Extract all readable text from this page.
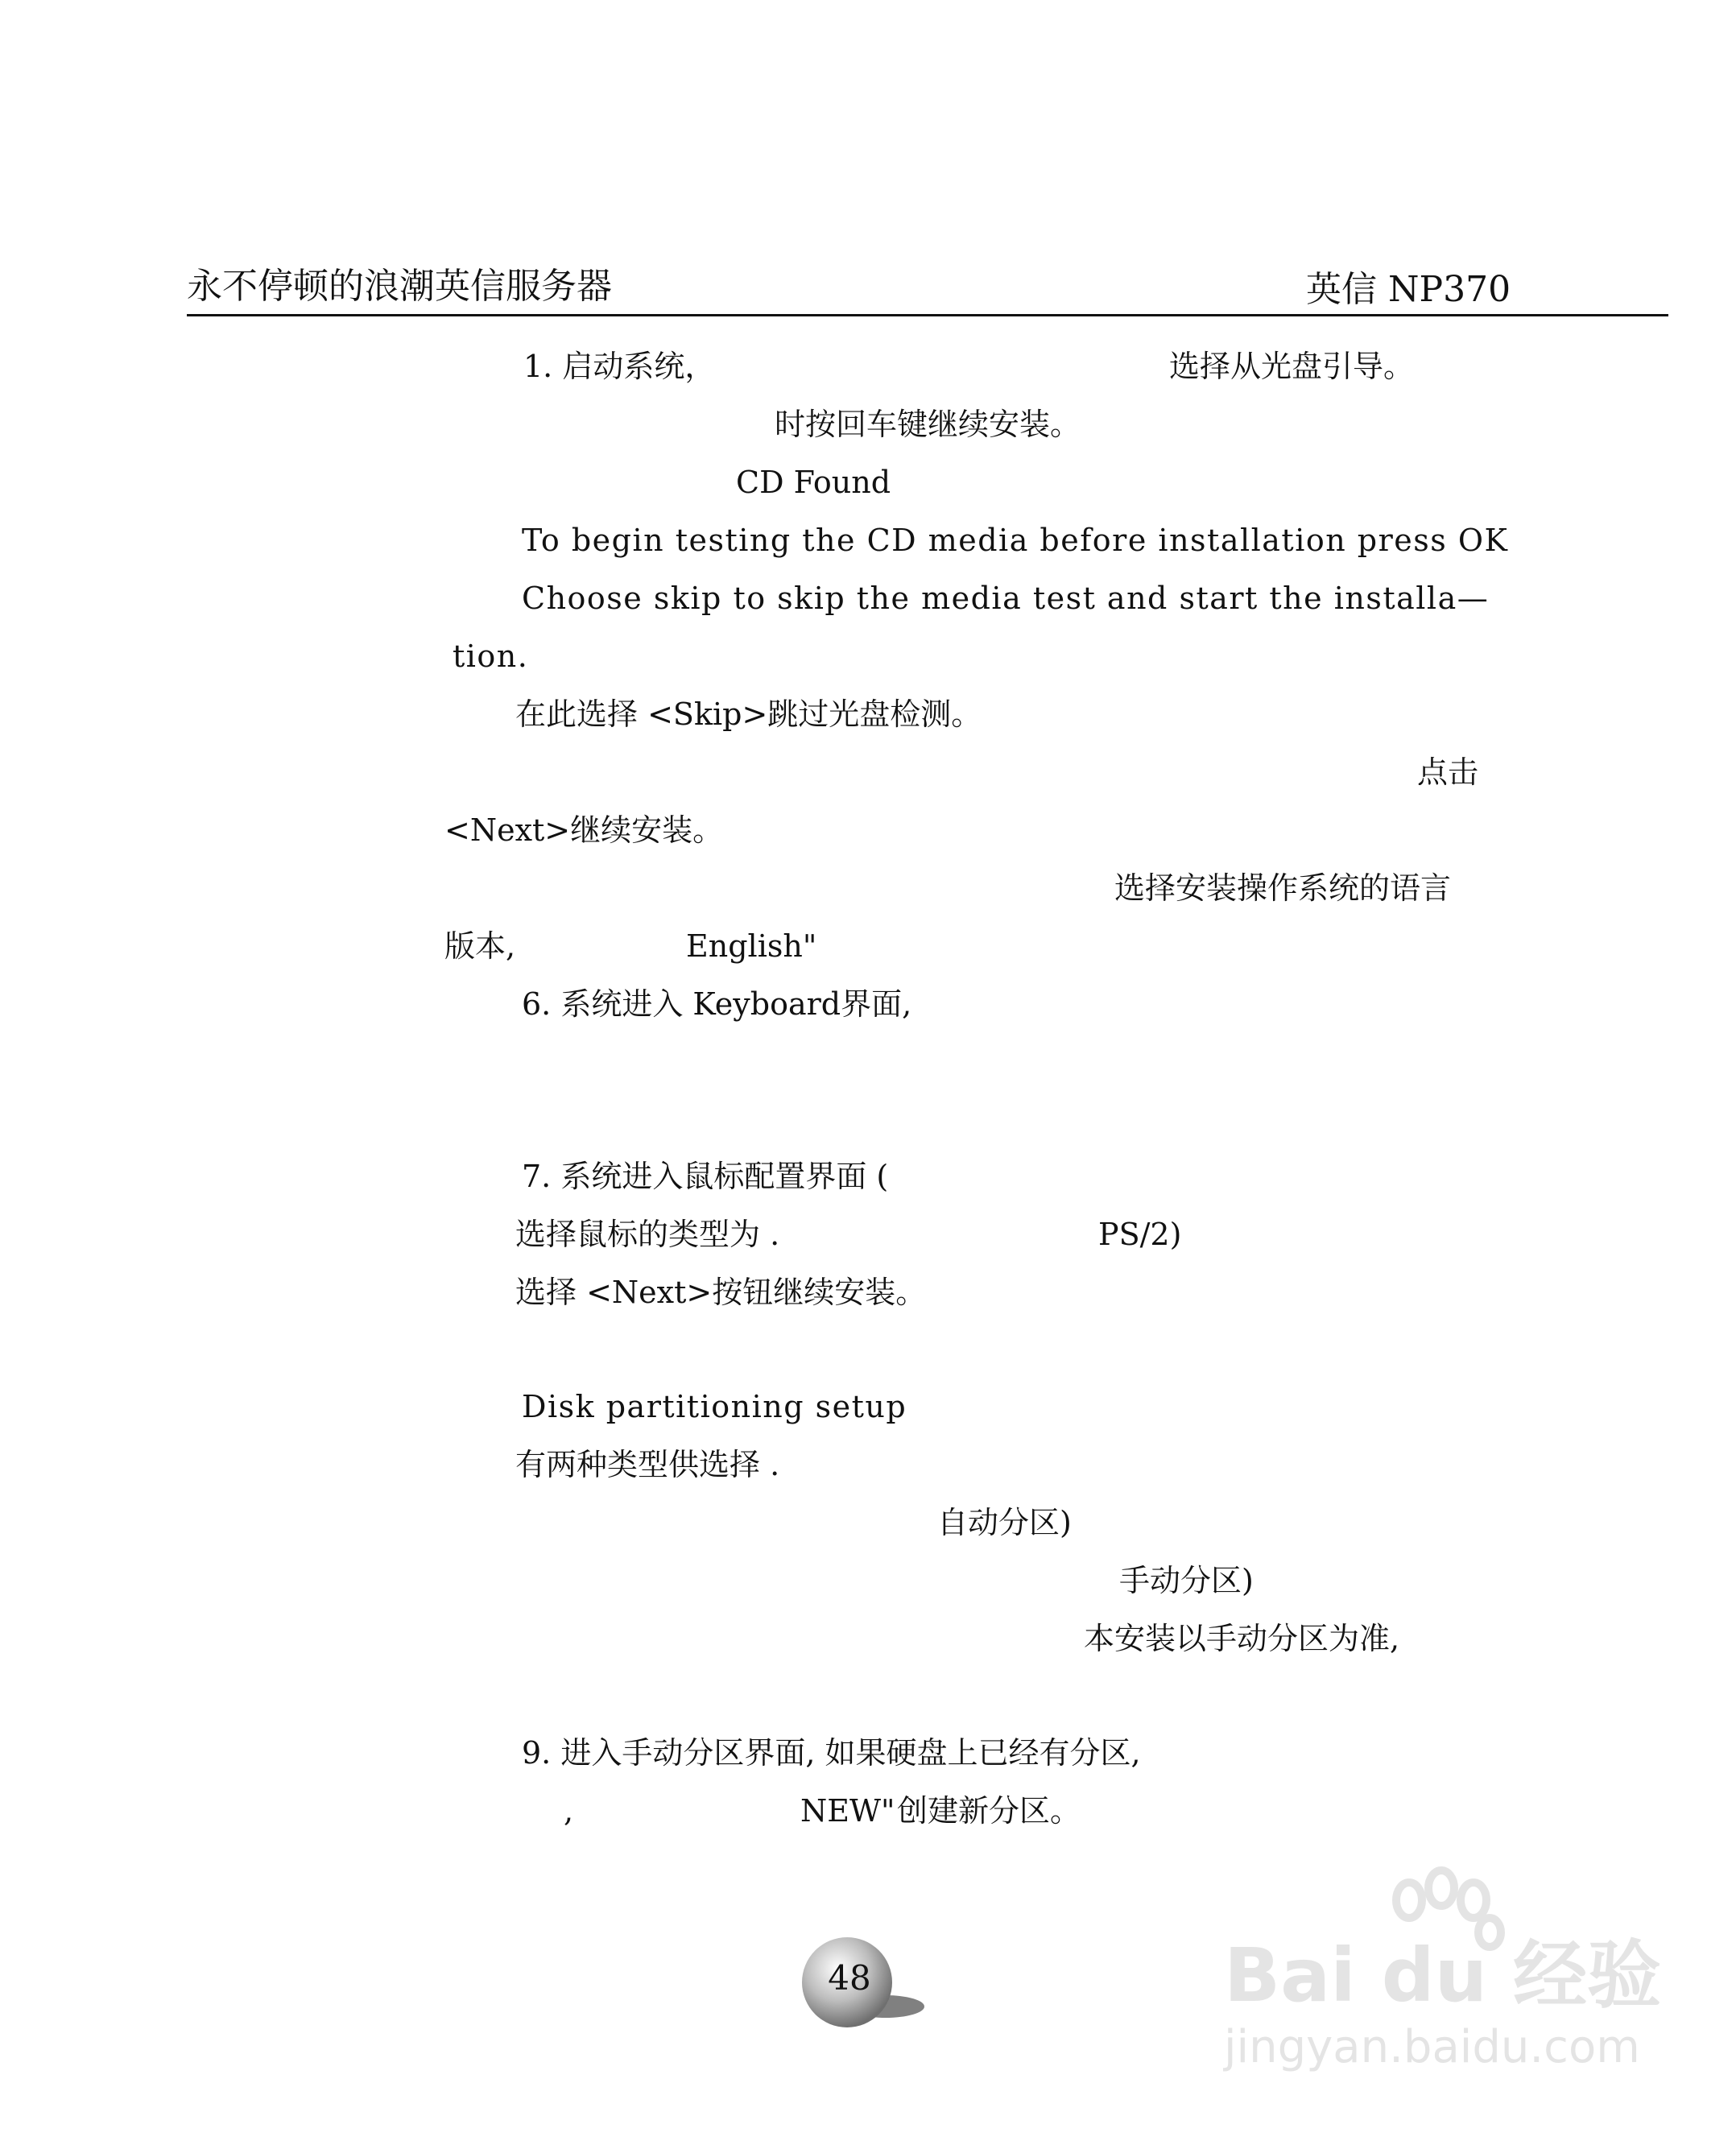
永不停顿的浪潮英信服务器	英信 NP370
1. 启动系统，	选择从光盘引导。
时按回车键继续安装。
CD Found
To begin testing the CD media before installation press OK
Choose skip to skip the media test and start the installa—
tion.
在此选择 <Skip>跳过光盘检测。
点击
<Next>继续安装。
选择安装操作系统的语言
版本,	English"
6. 系统进入 Keyboard界面,
7. 系统进入鼠标配置界面 (
选择鼠标的类型为 .	PS/2)
选择 <Next>按钮继续安装。
Disk partitioning setup
有两种类型供选择 .
自动分区)
手动分区)
本安装以手动分区为准,
9. 进入手动分区界面, 如果硬盘上已经有分区,
,	NEW" 创建新分区。
48	Bai du 经验
jingyan.baidu.com
